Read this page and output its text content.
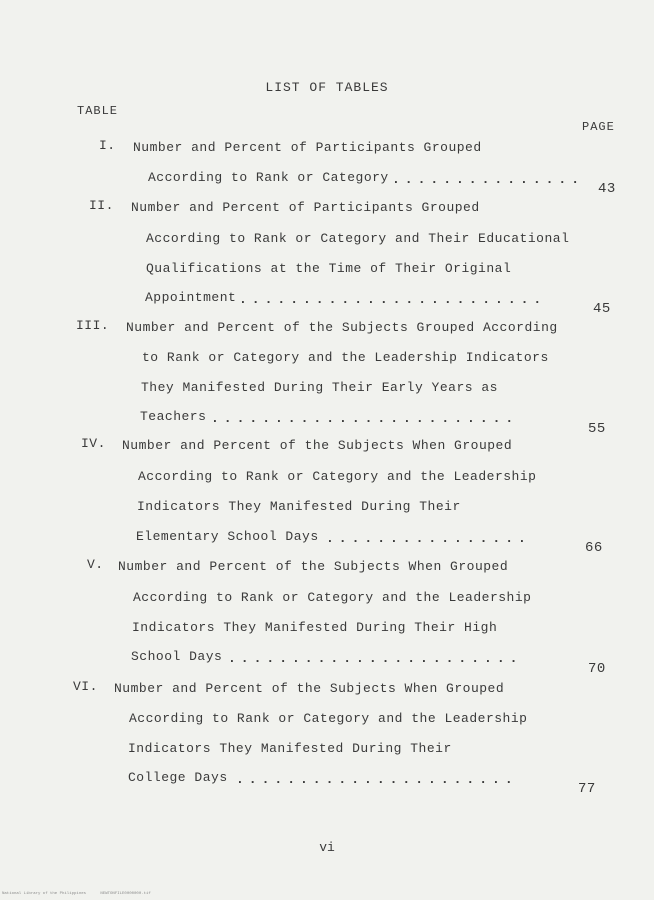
LIST OF TABLES
TABLE
PAGE
I. Number and Percent of Participants Grouped
According to Rank or Category ...............
43
II. Number and Percent of Participants Grouped
According to Rank or Category and Their Educational
Qualifications at the Time of Their Original
Appointment ........................
45
III. Number and Percent of the Subjects Grouped According
to Rank or Category and the Leadership Indicators
They Manifested During Their Early Years as
Teachers ........................
55
IV. Number and Percent of the Subjects When Grouped
According to Rank or Category and the Leadership
Indicators They Manifested During Their
Elementary School Days ................
66
V. Number and Percent of the Subjects When Grouped
According to Rank or Category and the Leadership
Indicators They Manifested During Their High
School Days .......................
70
VI. Number and Percent of the Subjects When Grouped
According to Rank or Category and the Leadership
Indicators They Manifested During Their
College Days ......................
77
vi
National Library of the Philippines	NEWTONFILE0000000.tif
